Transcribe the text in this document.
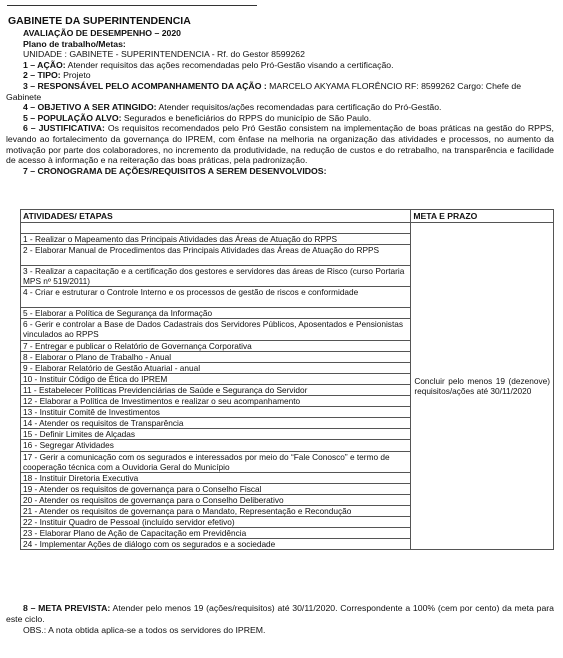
GABINETE DA SUPERINTENDENCIA
AVALIAÇÃO DE DESEMPENHO – 2020
Plano de trabalho/Metas:
UNIDADE : GABINETE - SUPERINTENDENCIA - Rf. do Gestor 8599262

1 – AÇÃO: Atender requisitos das ações recomendadas pelo Pró-Gestão visando a certificação.

2 – TIPO: Projeto

3 – RESPONSÁVEL PELO ACOMPANHAMENTO DA AÇÃO : MARCELO AKYAMA FLORÊNCIO RF: 8599262 Cargo: Chefe de

Gabinete

4 – OBJETIVO A SER ATINGIDO: Atender requisitos/ações recomendadas para certificação do Pró-Gestão.

5 – POPULAÇÃO ALVO: Segurados e beneficiários do RPPS do município de São Paulo.

6 – JUSTIFICATIVA: Os requisitos recomendados pelo Pró Gestão consistem na implementação de boas práticas na gestão do RPPS, levando ao fortalecimento da governança do IPREM, com ênfase na melhoria na organização das atividades e processos, no aumento da motivação por parte dos colaboradores, no incremento da produtividade, na redução de custos e do retrabalho, na transparência e facilidade de acesso à informação e na reiteração das boas práticas, pela padronização.

7 – CRONOGRAMA DE AÇÕES/REQUISITOS A SEREM DESENVOLVIDOS:

ATIVIDADES/ ETAPAS	META E PRAZO
	Concluir pelo menos 19 (dezenove) requisitos/ações até 30/11/2020
1 - Realizar o Mapeamento das Principais Atividades das Áreas de Atuação do RPPS	
2 - Elaborar Manual de Procedimentos das Principais Atividades das Áreas de Atuação do RPPS	
3 - Realizar a capacitação e a certificação dos gestores e servidores das áreas de Risco (curso Portaria MPS nº 519/2011)	
4 - Criar e estruturar o Controle Interno e os processos de gestão de riscos e conformidade	
5 - Elaborar a Política de Segurança da Informação	
6 - Gerir e controlar a Base de Dados Cadastrais dos Servidores Públicos, Aposentados e Pensionistas vinculados ao RPPS	
7 - Entregar e publicar o Relatório de Governança Corporativa	
8 - Elaborar o Plano de Trabalho - Anual	
9 - Elaborar Relatório de Gestão Atuarial - anual	
10 - Instituir Código de Ética do IPREM	
11 - Estabelecer Políticas Previdenciárias de Saúde e Segurança do Servidor	
12 - Elaborar a Política de Investimentos e realizar o seu acompanhamento	
13 - Instituir Comitê de Investimentos	
14 - Atender os requisitos de Transparência	
15 - Definir Limites de Alçadas	
16 - Segregar Atividades	
17 - Gerir a comunicação com os segurados e interessados por meio do “Fale Conosco” e termo de cooperação técnica com a Ouvidoria Geral do Município	
18 - Instituir Diretoria Executiva	
19 - Atender os requisitos de governança para o Conselho Fiscal	
20 - Atender os requisitos de governança para o Conselho Deliberativo	
21 - Atender os requisitos de governança para o Mandato, Representação e Recondução	
22 - Instituir Quadro de Pessoal (incluído servidor efetivo)	
23 - Elaborar Plano de Ação de Capacitação em Previdência	
24 - Implementar Ações de diálogo com os segurados e a sociedade	

8 – META PREVISTA: Atender pelo menos 19 (ações/requisitos) até 30/11/2020. Correspondente a 100% (cem por cento) da meta para este ciclo.

OBS.: A nota obtida aplica-se a todos os servidores do IPREM.
